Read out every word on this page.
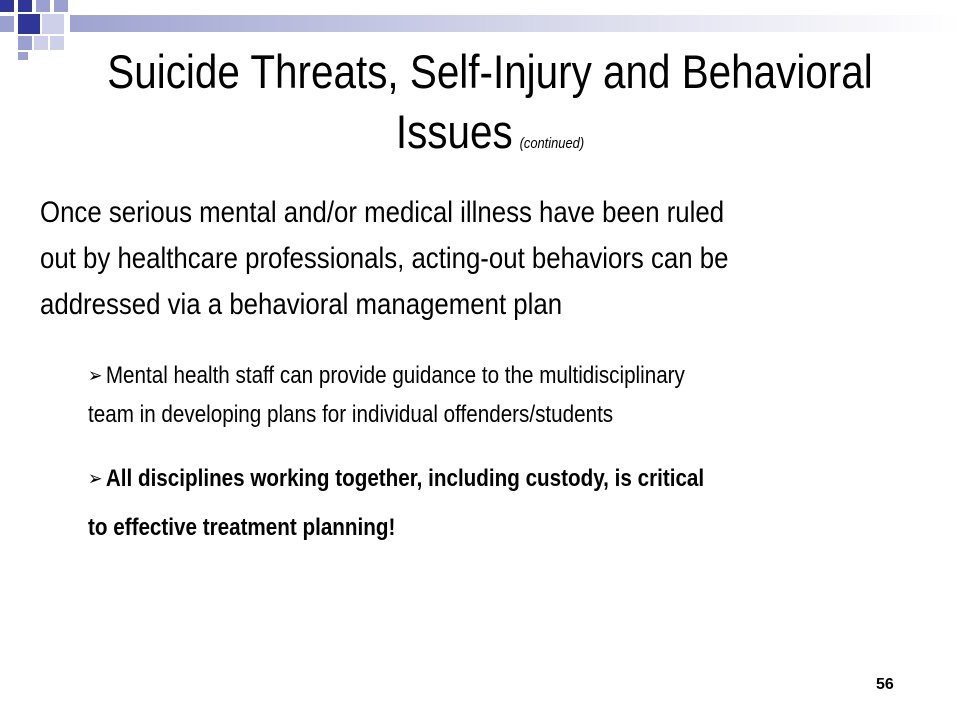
Suicide Threats, Self-Injury and Behavioral
Issues (continued)
Once serious mental and/or medical illness have been ruled
out by healthcare professionals, acting-out behaviors can be
addressed via a behavioral management plan
➢ Mental health staff can provide guidance to the multidisciplinary
team in developing plans for individual offenders/students
➢ All disciplines working together, including custody, is critical
to effective treatment planning!
56
